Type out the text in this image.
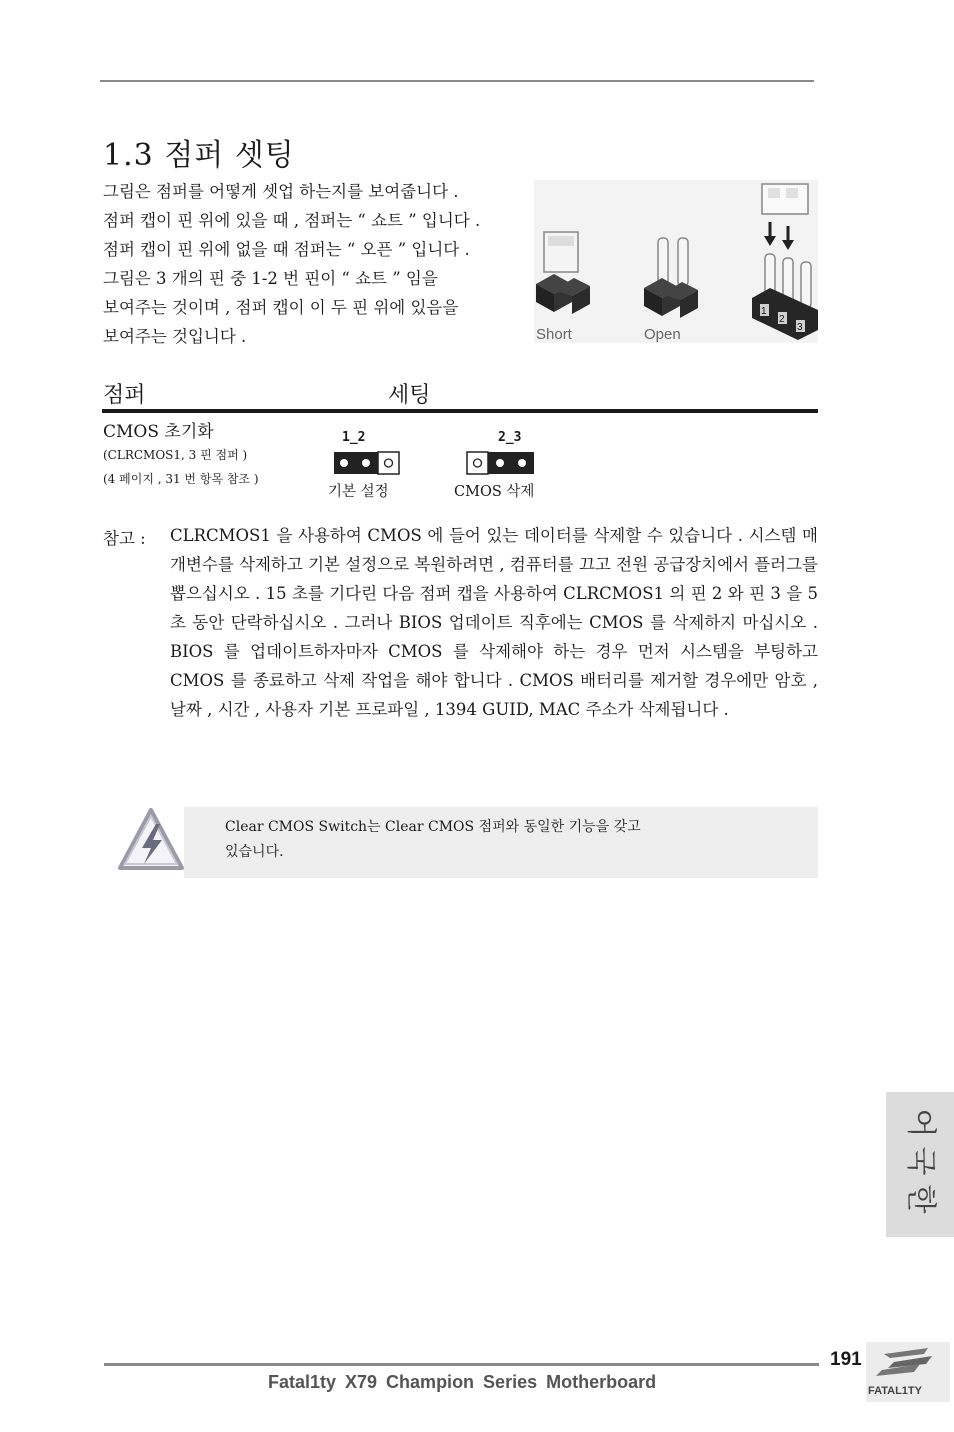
1.3 점퍼 셋팅
그림은 점퍼를 어떻게 셋업 하는지를 보여줍니다 .
점퍼 캡이 핀 위에 있을 때 , 점퍼는 “ 쇼트 ” 입니다 .
점퍼 캡이 핀 위에 없을 때 점퍼는 “ 오픈 ” 입니다 .
그림은 3 개의 핀 중 1-2 번 핀이 “ 쇼트 ” 임을
보여주는 것이며 , 점퍼 캡이 이 두 핀 위에 있음을
보여주는 것입니다 .	Short	Open
1
2
3
점퍼	세팅
CMOS 초기화
(CLRCMOS1, 3 핀 점퍼 )
(4 페이지 , 31 번 항목 참조 )
1_2
기본 설정
2_3
CMOS 삭제
참고 : CLRCMOS1 을 사용하여 CMOS 에 들어 있는 데이터를 삭제할 수 있습니다 . 시스템 매개변수를 삭제하고 기본 설정으로 복원하려면 , 컴퓨터를 끄고 전원 공급장치에서 플러그를 뽑으십시오 . 15 초를 기다린 다음 점퍼 캡을 사용하여 CLRCMOS1 의 핀 2 와 핀 3 을 5 초 동안 단락하십시오 . 그러나 BIOS 업데이트 직후에는 CMOS 를 삭제하지 마십시오 . BIOS 를 업데이트하자마자 CMOS 를 삭제해야 하는 경우 먼저 시스템을 부팅하고 CMOS 를 종료하고 삭제 작업을 해야 합니다 . CMOS 배터리를 제거할 경우에만 암호 , 날짜 , 시간 , 사용자 기본 프로파일 , 1394 GUID, MAC 주소가 삭제됩니다 .
Clear CMOS Switch는 Clear CMOS 점퍼와 동일한 기능을 갖고
있습니다.
어
국
한
191
Fatal1ty X79 Champion Series Motherboard	FATAL1TY
